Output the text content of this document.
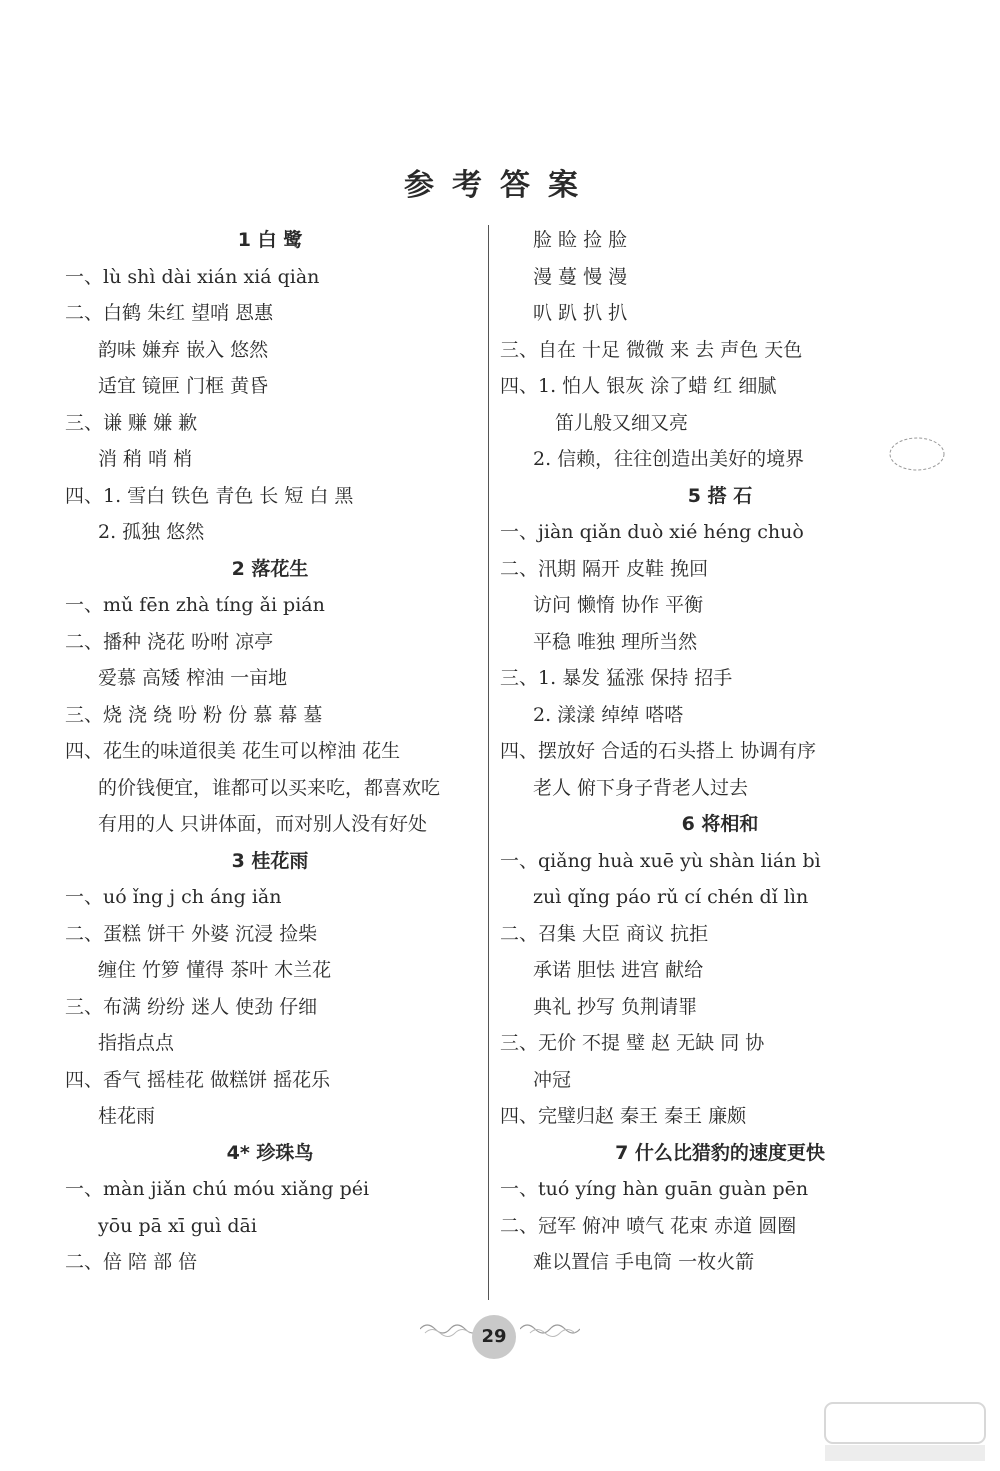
参考答案
1 白 鹭
一、lù shì dài xián xiá qiàn
二、白鹤 朱红 望哨 恩惠
韵味 嫌弃 嵌入 悠然
适宜 镜匣 门框 黄昏
三、谦 赚 嫌 歉
消 稍 哨 梢
四、1. 雪白 铁色 青色 长 短 白 黑
2. 孤独 悠然
2 落花生
一、mǔ fēn zhà tíng ǎi pián
二、播种 浇花 吩咐 凉亭
爱慕 高矮 榨油 一亩地
三、烧 浇 绕 吩 粉 份 慕 幕 墓
四、花生的味道很美 花生可以榨油 花生
的价钱便宜，谁都可以买来吃，都喜欢吃
有用的人 只讲体面，而对别人没有好处
3 桂花雨
一、uó ǐng j ch áng iǎn
二、蛋糕 饼干 外婆 沉浸 捡柴
缠住 竹箩 懂得 茶叶 木兰花
三、布满 纷纷 迷人 使劲 仔细
指指点点
四、香气 摇桂花 做糕饼 摇花乐
桂花雨
4* 珍珠鸟
一、màn jiǎn chú móu xiǎng péi
yōu pā xī guì dāi
二、倍 陪 部 倍
脸 睑 捡 脸
漫 蔓 慢 漫
叭 趴 扒 扒
三、自在 十足 微微 来 去 声色 天色
四、1. 怕人 银灰 涂了蜡 红 细腻
笛儿般又细又亮
2. 信赖，往往创造出美好的境界
5 搭 石
一、jiàn qiǎn duò xié héng chuò
二、汛期 隔开 皮鞋 挽回
访问 懒惰 协作 平衡
平稳 唯独 理所当然
三、1. 暴发 猛涨 保持 招手
2. 漾漾 绰绰 嗒嗒
四、摆放好 合适的石头搭上 协调有序
老人 俯下身子背老人过去
6 将相和
一、qiǎng huà xuē yù shàn lián bì
zuì qǐng páo rǔ cí chén dǐ lìn
二、召集 大臣 商议 抗拒
承诺 胆怯 进宫 献给
典礼 抄写 负荆请罪
三、无价 不提 璧 赵 无缺 同 协
冲冠
四、完璧归赵 秦王 秦王 廉颇
7 什么比猎豹的速度更快
一、tuó yíng hàn guān guàn pēn
二、冠军 俯冲 喷气 花束 赤道 圆圈
难以置信 手电筒 一枚火箭
29
